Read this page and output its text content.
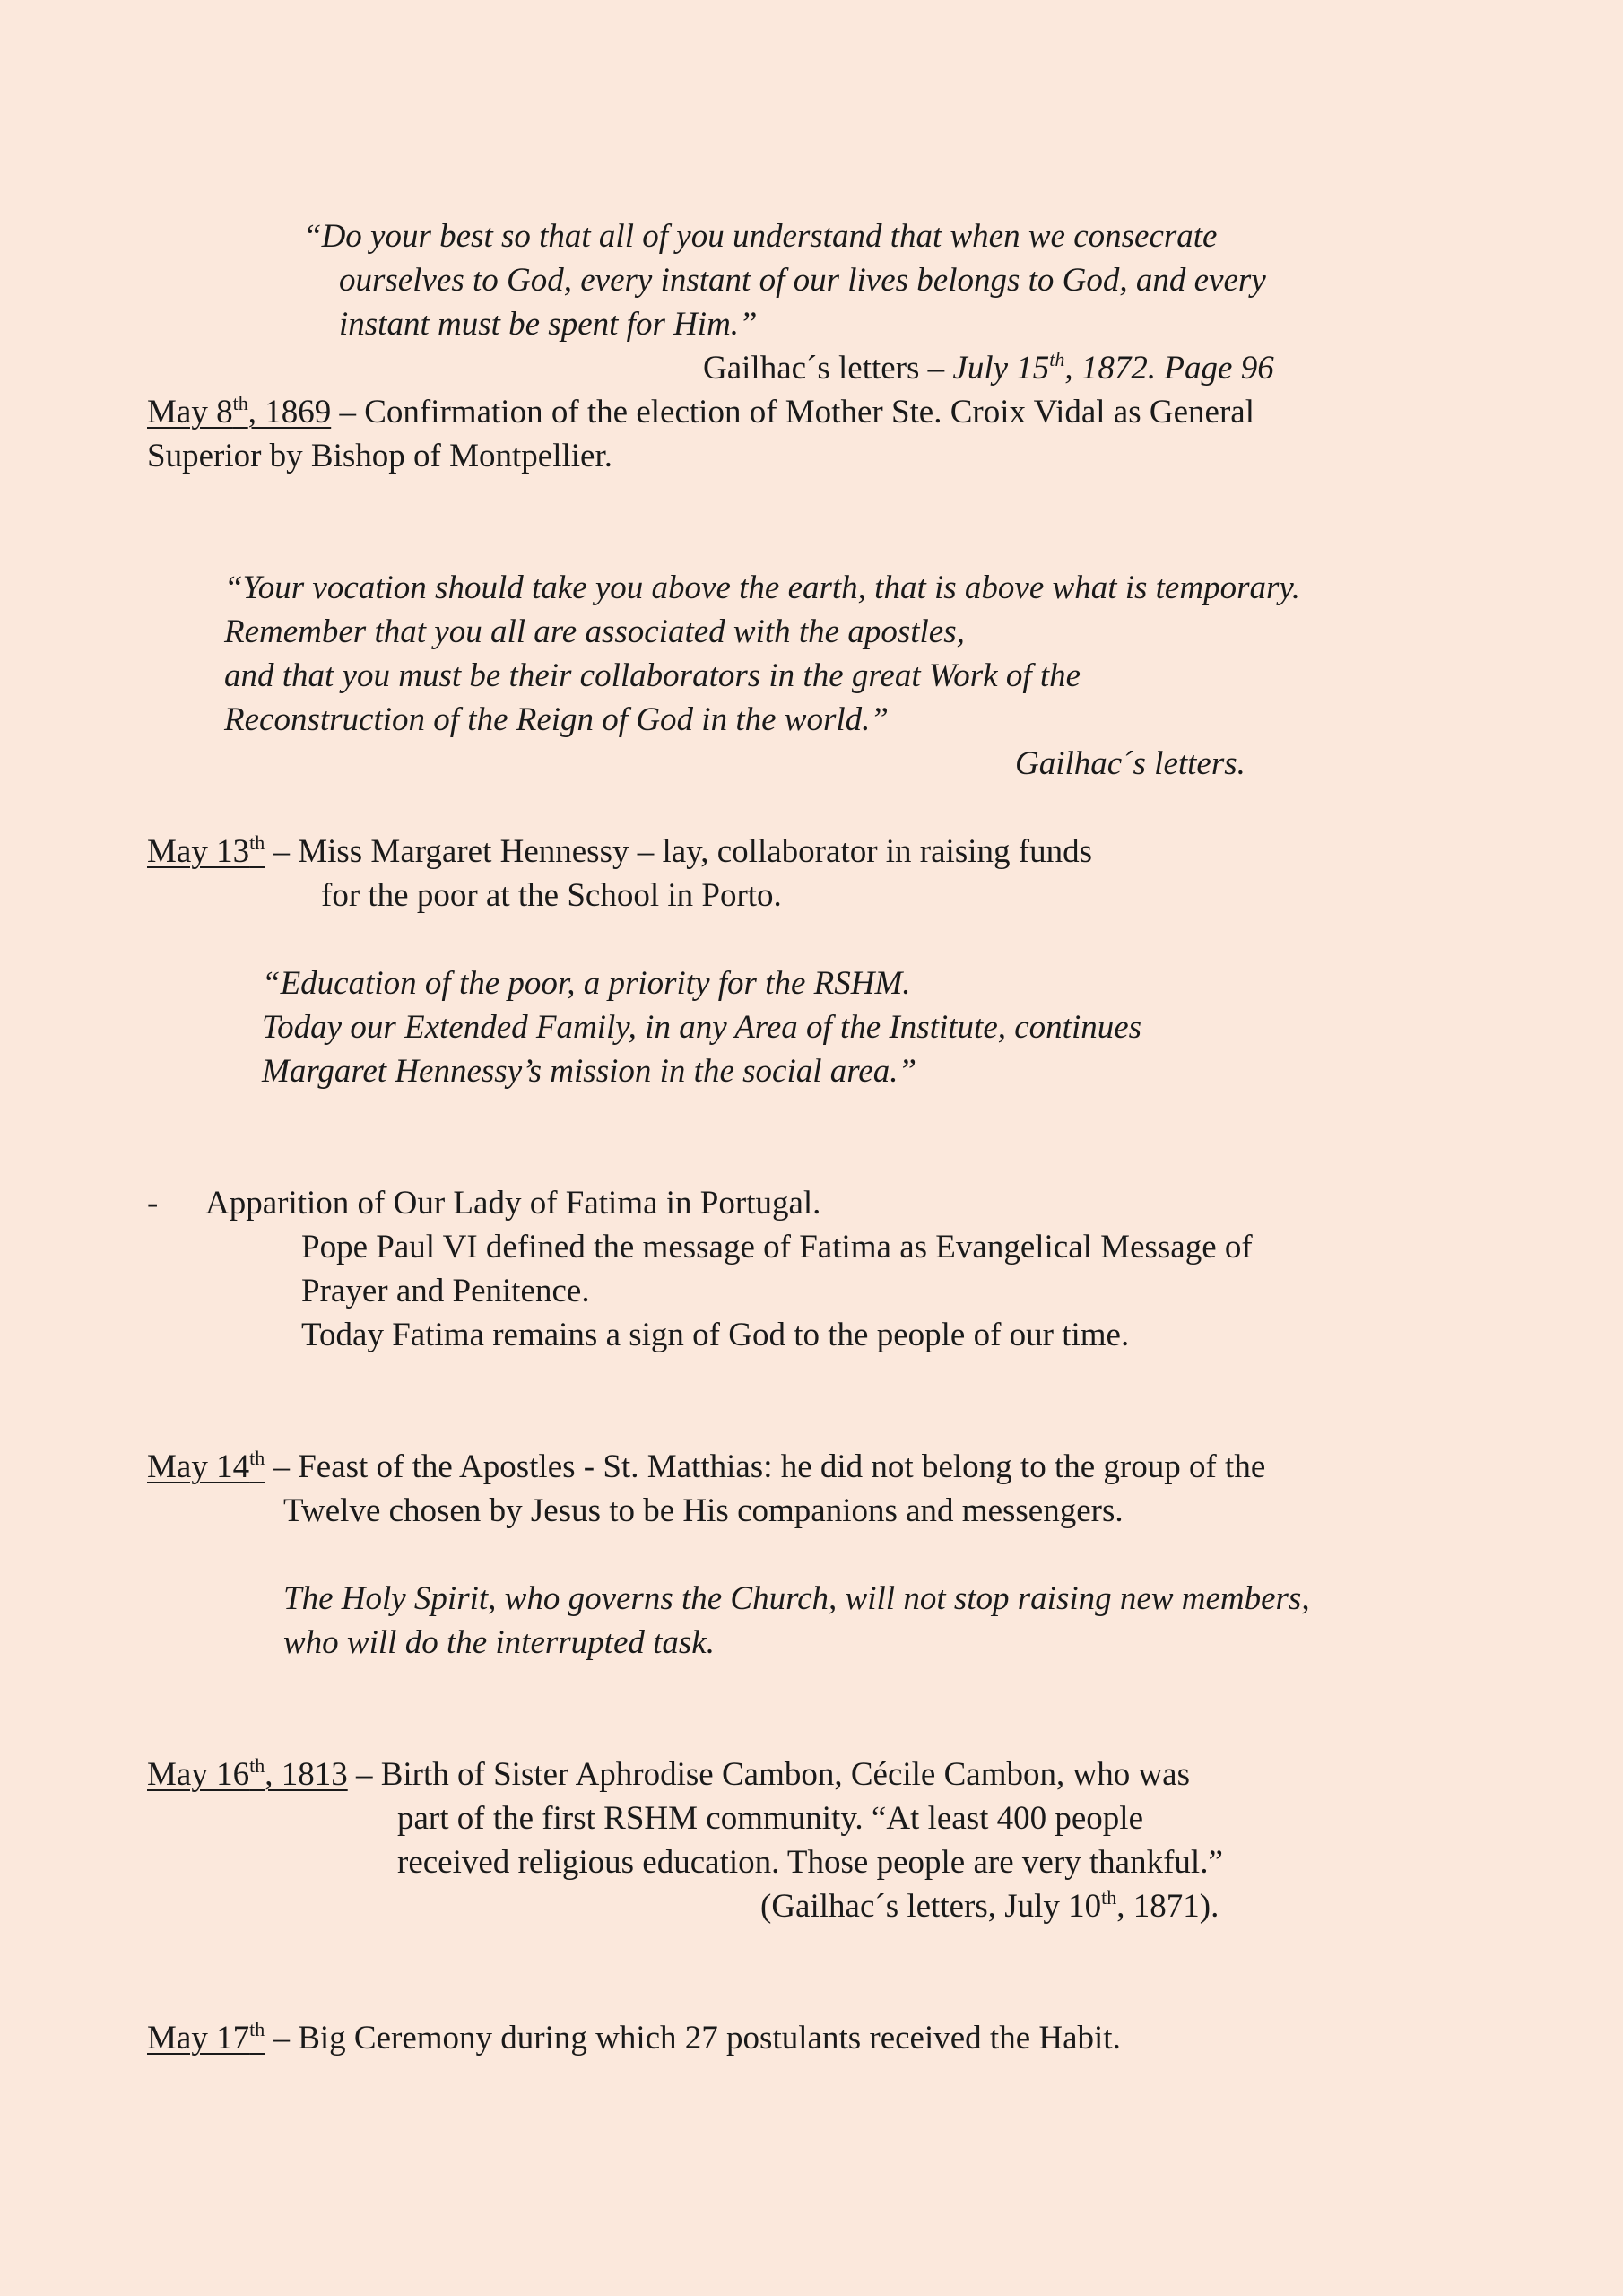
“Do your best so that all of you understand that when we consecrate
ourselves to God, every instant of our lives belongs to God, and every
instant must be spent for Him.”
Gailhac´s letters – July 15th, 1872. Page 96
May 8th, 1869 – Confirmation of the election of Mother Ste. Croix Vidal as General
Superior by Bishop of Montpellier.
“Your vocation should take you above the earth, that is above what is temporary.
Remember that you all are associated with the apostles,
and that you must be their collaborators in the great Work of the
Reconstruction of the Reign of God in the world.”
Gailhac´s letters.
May 13th – Miss Margaret Hennessy – lay, collaborator in raising funds
for the poor at the School in Porto.
“Education of the poor, a priority for the RSHM.
Today our Extended Family, in any Area of the Institute, continues
Margaret Hennessy’s mission in the social area.”
- Apparition of Our Lady of Fatima in Portugal.
Pope Paul VI defined the message of Fatima as Evangelical Message of
Prayer and Penitence.
Today Fatima remains a sign of God to the people of our time.
May 14th – Feast of the Apostles - St. Matthias: he did not belong to the group of the
Twelve chosen by Jesus to be His companions and messengers.
The Holy Spirit, who governs the Church, will not stop raising new members,
who will do the interrupted task.
May 16th, 1813 – Birth of Sister Aphrodise Cambon, Cécile Cambon, who was
part of the first RSHM community. “At least 400 people
received religious education. Those people are very thankful.”
(Gailhac´s letters, July 10th, 1871).
May 17th – Big Ceremony during which 27 postulants received the Habit.
